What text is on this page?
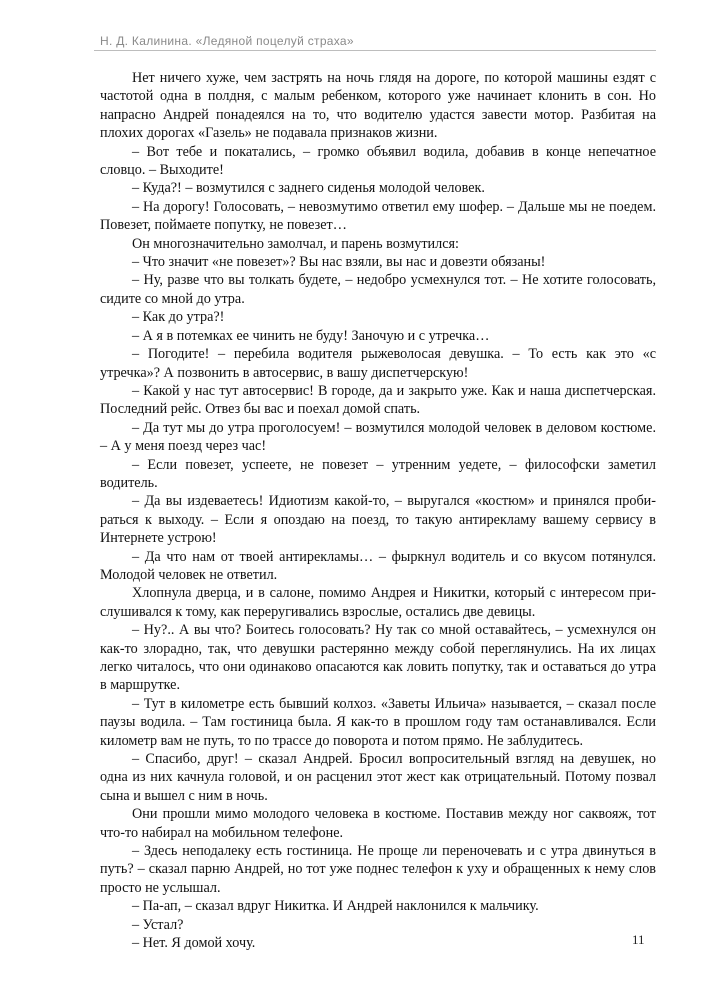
Н. Д. Калинина. «Ледяной поцелуй страха»

Нет ничего хуже, чем застрять на ночь глядя на дороге, по которой машины ездят с частотой одна в полдня, с малым ребенком, которого уже начинает клонить в сон. Но напрасно Андрей понадеялся на то, что водителю удастся завести мотор. Разбитая на плохих дорогах «Газель» не подавала признаков жизни.

– Вот тебе и покатались, – громко объявил водила, добавив в конце непечатное словцо. – Выходите!

– Куда?! – возмутился с заднего сиденья молодой человек.

– На дорогу! Голосовать, – невозмутимо ответил ему шофер. – Дальше мы не поедем. Повезет, поймаете попутку, не повезет…

Он многозначительно замолчал, и парень возмутился:

– Что значит «не повезет»? Вы нас взяли, вы нас и довезти обязаны!

– Ну, разве что вы толкать будете, – недобро усмехнулся тот. – Не хотите голосовать, сидите со мной до утра.

– Как до утра?!

– А я в потемках ее чинить не буду! Заночую и с утречка…

– Погодите! – перебила водителя рыжеволосая девушка. – То есть как это «с утречка»? А позвонить в автосервис, в вашу диспетчерскую!

– Какой у нас тут автосервис! В городе, да и закрыто уже. Как и наша диспетчерская. Последний рейс. Отвез бы вас и поехал домой спать.

– Да тут мы до утра проголосуем! – возмутился молодой человек в деловом костюме. – А у меня поезд через час!

– Если повезет, успеете, не повезет – утренним уедете, – философски заметил водитель.

– Да вы издеваетесь! Идиотизм какой-то, – выругался «костюм» и принялся пробираться к выходу. – Если я опоздаю на поезд, то такую антирекламу вашему сервису в Интернете устрою!

– Да что нам от твоей антирекламы… – фыркнул водитель и со вкусом потянулся. Молодой человек не ответил.

Хлопнула дверца, и в салоне, помимо Андрея и Никитки, который с интересом прислушивался к тому, как переругивались взрослые, остались две девицы.

– Ну?.. А вы что? Боитесь голосовать? Ну так со мной оставайтесь, – усмехнулся он как-то злорадно, так, что девушки растерянно между собой переглянулись. На их лицах легко читалось, что они одинаково опасаются как ловить попутку, так и оставаться до утра в маршрутке.

– Тут в километре есть бывший колхоз. «Заветы Ильича» называется, – сказал после паузы водила. – Там гостиница была. Я как-то в прошлом году там останавливался. Если километр вам не путь, то по трассе до поворота и потом прямо. Не заблудитесь.

– Спасибо, друг! – сказал Андрей. Бросил вопросительный взгляд на девушек, но одна из них качнула головой, и он расценил этот жест как отрицательный. Потому позвал сына и вышел с ним в ночь.

Они прошли мимо молодого человека в костюме. Поставив между ног саквояж, тот что-то набирал на мобильном телефоне.

– Здесь неподалеку есть гостиница. Не проще ли переночевать и с утра двинуться в путь? – сказал парню Андрей, но тот уже поднес телефон к уху и обращенных к нему слов просто не услышал.

– Па-ап, – сказал вдруг Никитка. И Андрей наклонился к мальчику.

– Устал?

– Нет. Я домой хочу.	11
